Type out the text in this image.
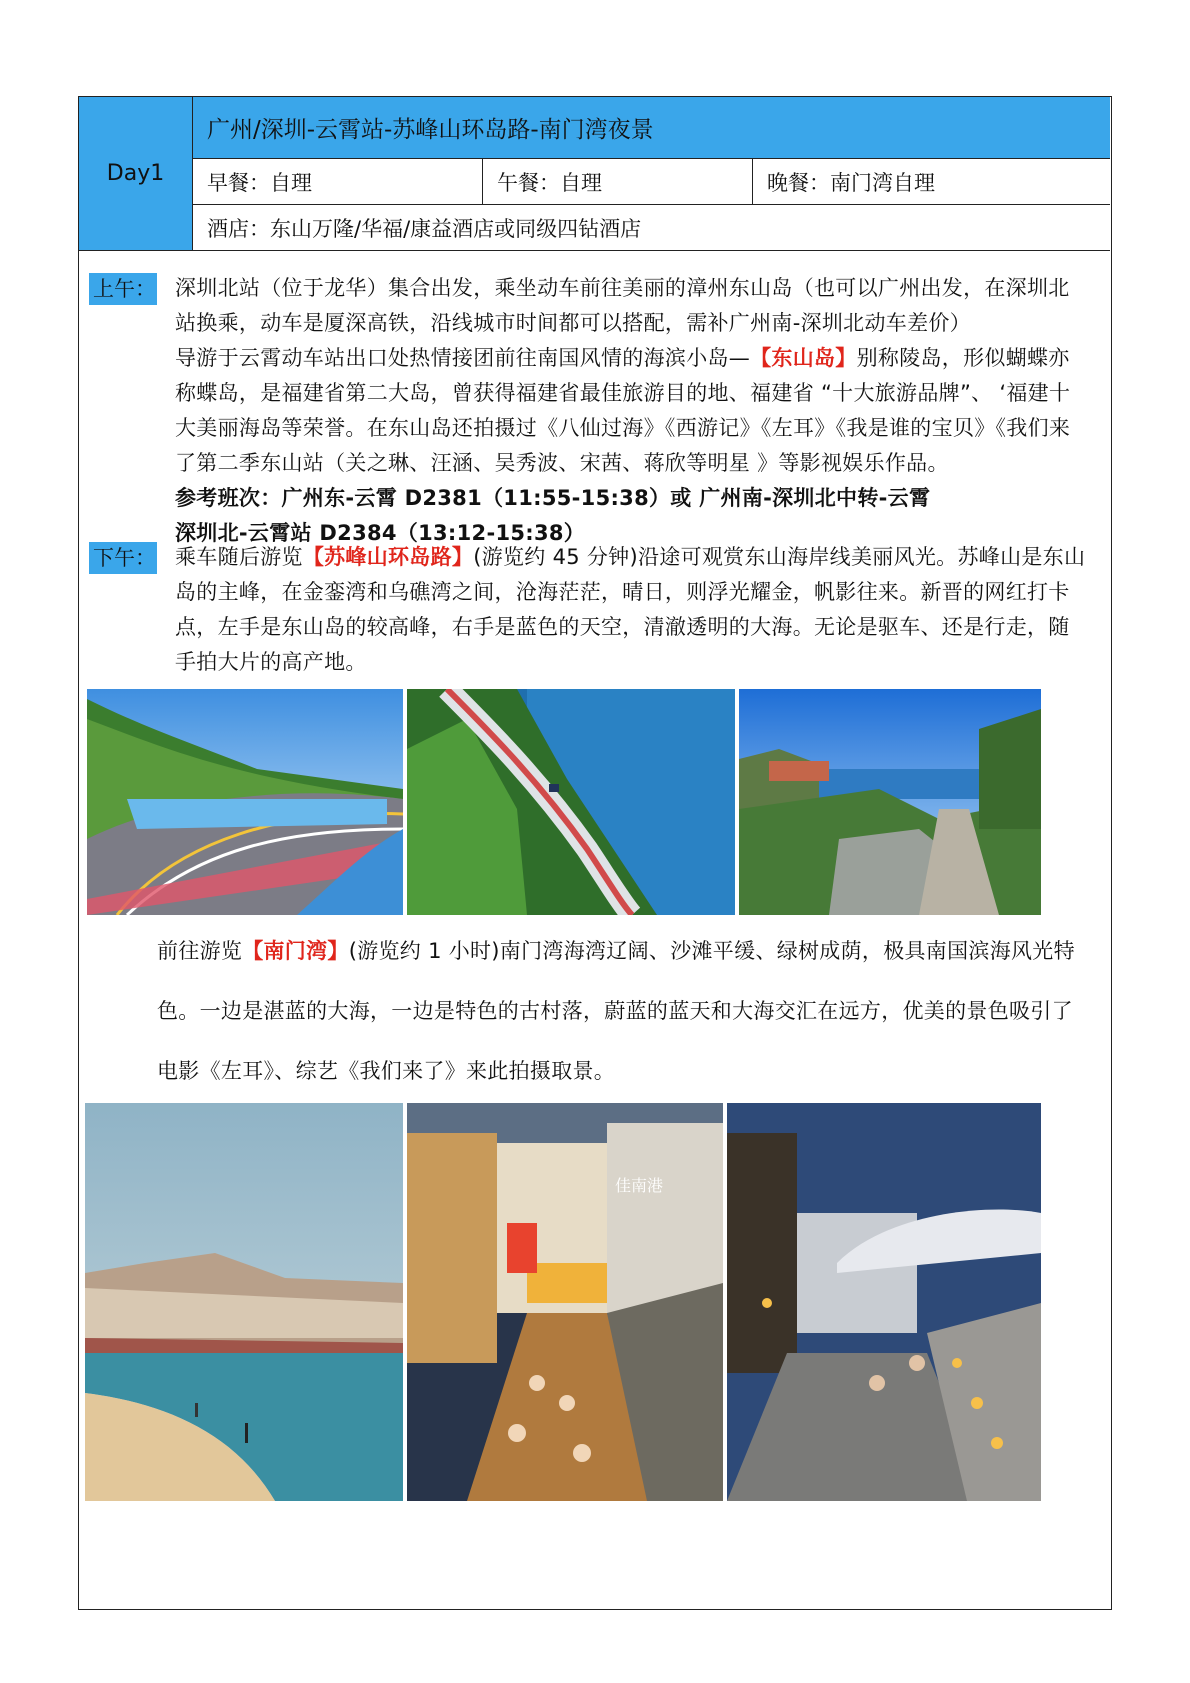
Day1
广州/深圳-云霄站-苏峰山环岛路-南门湾夜景
早餐：自理	午餐：自理	晚餐：南门湾自理
酒店：东山万隆/华福/康益酒店或同级四钻酒店
上午： 深圳北站（位于龙华）集合出发，乘坐动车前往美丽的漳州东山岛（也可以广州出发，在深圳北站换乘，动车是厦深高铁，沿线城市时间都可以搭配，需补广州南-深圳北动车差价）

导游于云霄动车站出口处热情接团前往南国风情的海滨小岛—【东山岛】别称陵岛，形似蝴蝶亦称蝶岛，是福建省第二大岛，曾获得福建省最佳旅游目的地、福建省 “十大旅游品牌”、 ‘福建十大美丽海岛等荣誉。在东山岛还拍摄过《八仙过海》《西游记》《左耳》《我是谁的宝贝》《我们来了第二季东山站（关之琳、汪涵、吴秀波、宋茜、蒋欣等明星 》等影视娱乐作品。

参考班次：广州东-云霄 D2381（11:55-15:38）或 广州南-深圳北中转-云霄

深圳北-云霄站 D2384（13:12-15:38）

下午： 乘车随后游览【苏峰山环岛路】(游览约 45 分钟)沿途可观赏东山海岸线美丽风光。苏峰山是东山岛的主峰，在金銮湾和乌礁湾之间，沧海茫茫，晴日，则浮光耀金，帆影往来。新晋的网红打卡点，左手是东山岛的较高峰，右手是蓝色的天空，清澈透明的大海。无论是驱车、还是行走，随手拍大片的高产地。

前往游览【南门湾】(游览约 1 小时)南门湾海湾辽阔、沙滩平缓、绿树成荫，极具南国滨海风光特色。一边是湛蓝的大海，一边是特色的古村落，蔚蓝的蓝天和大海交汇在远方，优美的景色吸引了电影《左耳》、综艺《我们来了》来此拍摄取景。
佳南港
